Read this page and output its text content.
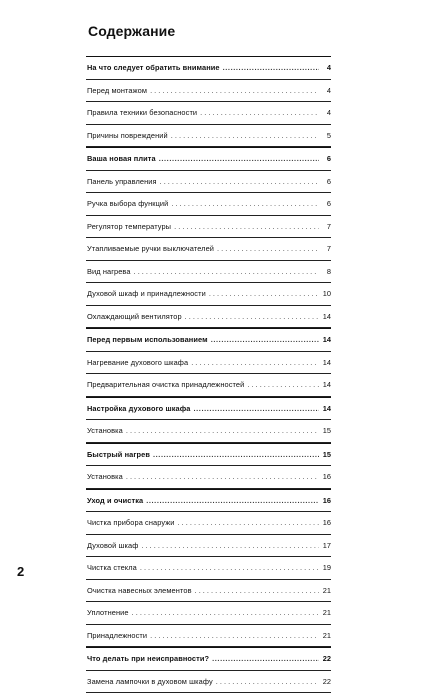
Содержание
На что следует обратить внимание .....	4
Перед монтажом . . .	4
Правила техники безопасности . . .	4
Причины повреждений . . .	5
Ваша новая плита .....	6
Панель управления . . .	6
Ручка выбора функций . . .	6
Регулятор температуры . . .	7
Утапливаемые ручки выключателей . . .	7
Вид нагрева . . .	8
Духовой шкаф и принадлежности . . .	10
Охлаждающий вентилятор . . .	14
Перед первым использованием .....	14
Нагревание духового шкафа . . .	14
Предварительная очистка принадлежностей . . .	14
Настройка духового шкафа .....	14
Установка . . .	15
Быстрый нагрев .....	15
Установка . . .	16
Уход и очистка .....	16
Чистка прибора снаружи . . .	16
Духовой шкаф . . .	17
Чистка стекла . . .	19
Очистка навесных элементов . . .	21
Уплотнение . . .	21
Принадлежности . . .	21
Что делать при неисправности? .....	22
Замена лампочки в духовом шкафу . . .	22
2
